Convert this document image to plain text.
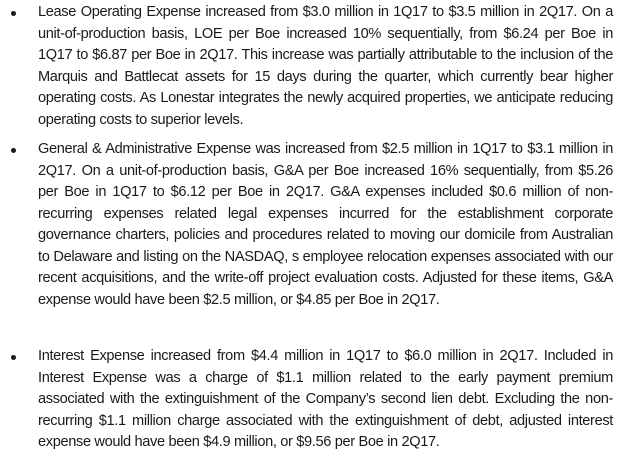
Lease Operating Expense increased from $3.0 million in 1Q17 to $3.5 million in 2Q17. On a unit-of-production basis, LOE per Boe increased 10% sequentially, from $6.24 per Boe in 1Q17 to $6.87 per Boe in 2Q17. This increase was partially attributable to the inclusion of the Marquis and Battlecat assets for 15 days during the quarter, which currently bear higher operating costs. As Lonestar integrates the newly acquired properties, we anticipate reducing operating costs to superior levels.

General & Administrative Expense was increased from $2.5 million in 1Q17 to $3.1 million in 2Q17. On a unit-of-production basis, G&A per Boe increased 16% sequentially, from $5.26 per Boe in 1Q17 to $6.12 per Boe in 2Q17. G&A expenses included $0.6 million of non-recurring expenses related legal expenses incurred for the establishment corporate governance charters, policies and procedures related to moving our domicile from Australian to Delaware and listing on the NASDAQ, s employee relocation expenses associated with our recent acquisitions, and the write-off project evaluation costs. Adjusted for these items, G&A expense would have been $2.5 million, or $4.85 per Boe in 2Q17.

Interest Expense increased from $4.4 million in 1Q17 to $6.0 million in 2Q17. Included in Interest Expense was a charge of $1.1 million related to the early payment premium associated with the extinguishment of the Company’s second lien debt. Excluding the non-recurring $1.1 million charge associated with the extinguishment of debt, adjusted interest expense would have been $4.9 million, or $9.56 per Boe in 2Q17.
